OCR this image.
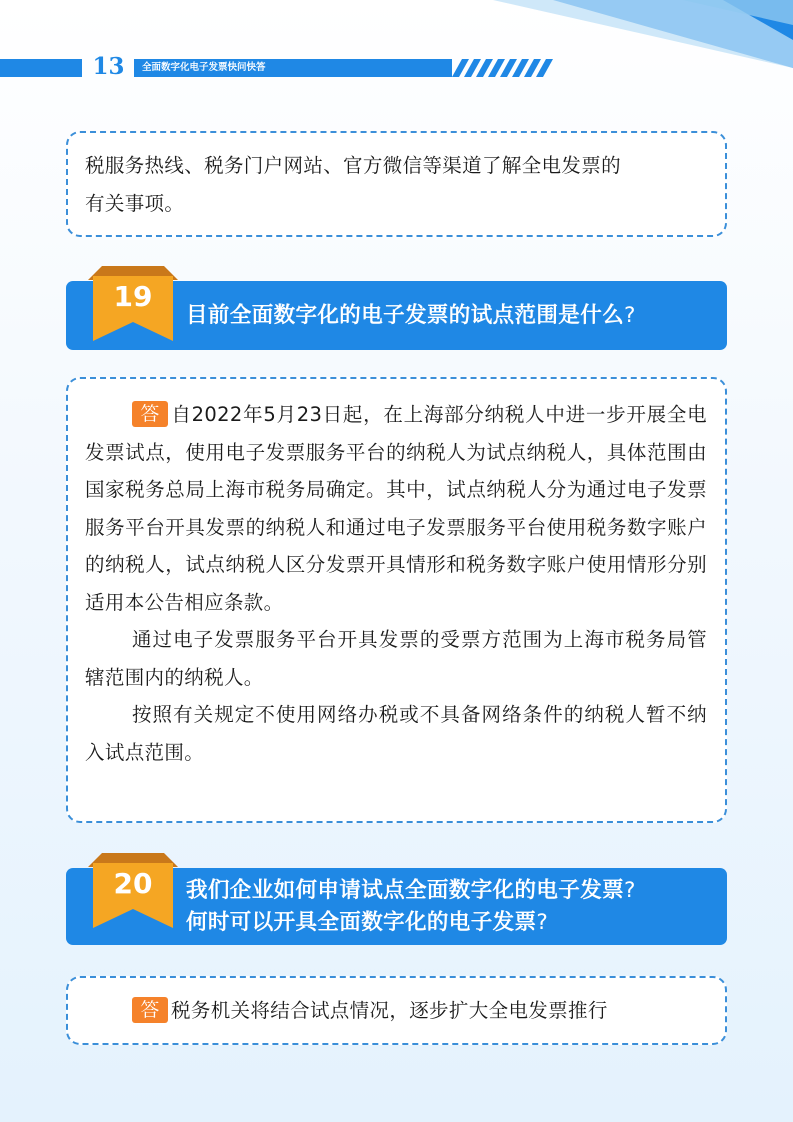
13	全面数字化电子发票快问快答

税服务热线、税务门户网站、官方微信等渠道了解全电发票的

有关事项。

目前全面数字化的电子发票的试点范围是什么?
19

答 自2022年5月23日起，在上海部分纳税人中进一步开展全电发票试点，使用电子发票服务平台的纳税人为试点纳税人，具体范围由国家税务总局上海市税务局确定。其中，试点纳税人分为通过电子发票服务平台开具发票的纳税人和通过电子发票服务平台使用税务数字账户的纳税人，试点纳税人区分发票开具情形和税务数字账户使用情形分别适用本公告相应条款。

通过电子发票服务平台开具发票的受票方范围为上海市税务局管辖范围内的纳税人。

按照有关规定不使用网络办税或不具备网络条件的纳税人暂不纳入试点范围。

我们企业如何申请试点全面数字化的电子发票?
何时可以开具全面数字化的电子发票?
20

答 税务机关将结合试点情况，逐步扩大全电发票推行
